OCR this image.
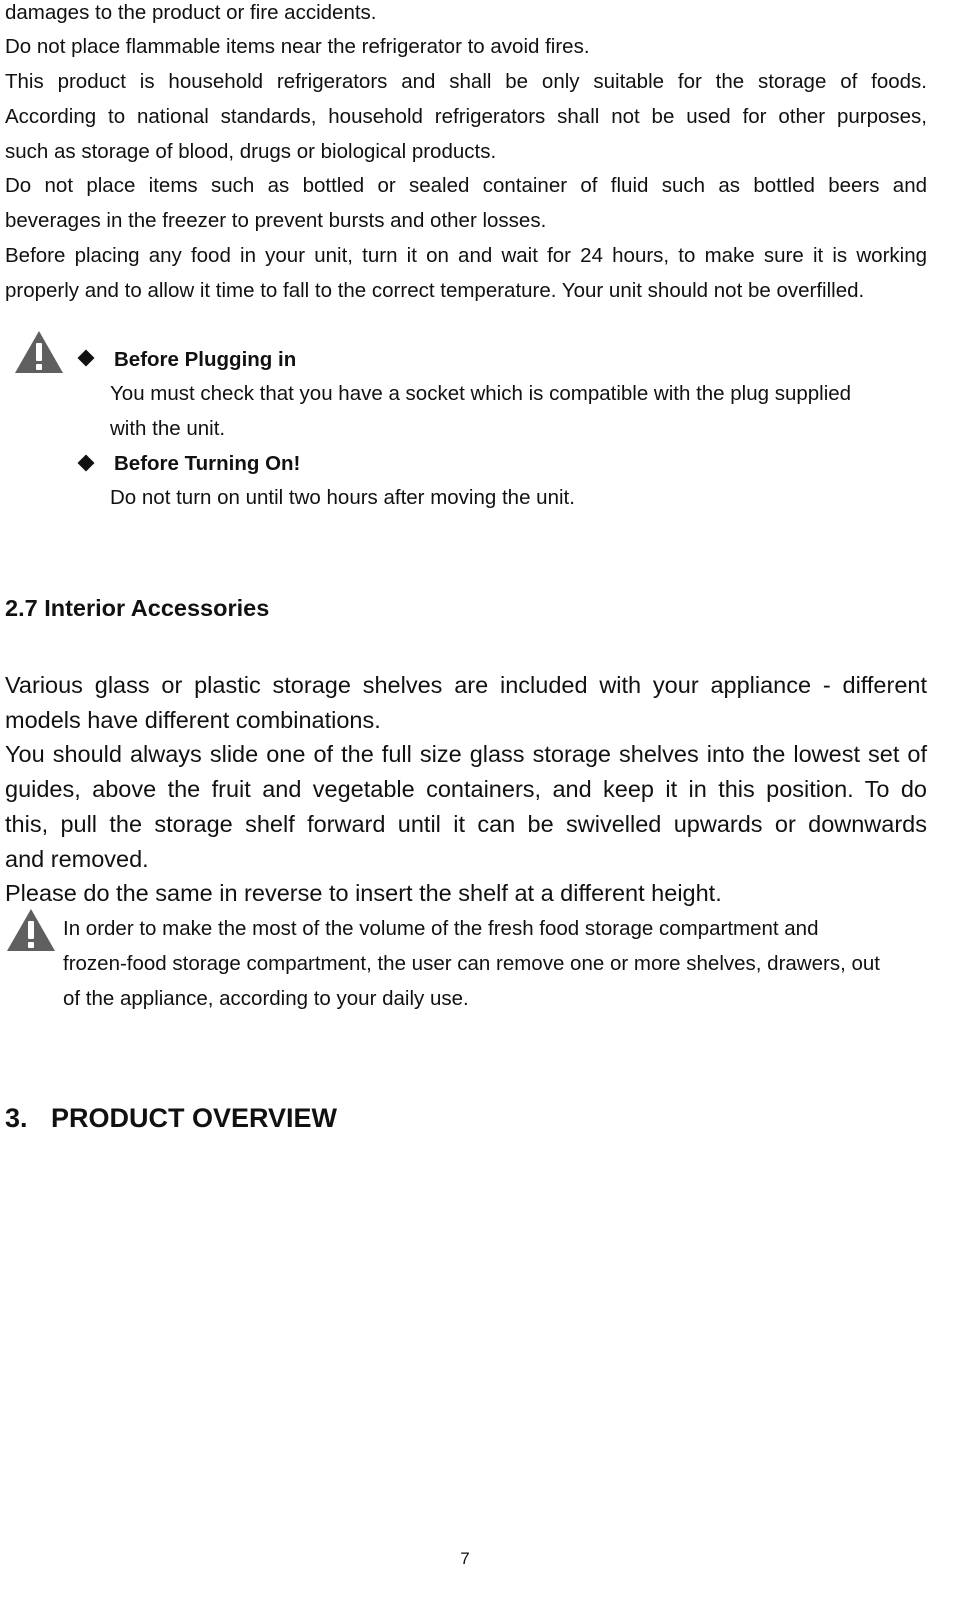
damages to the product or fire accidents.

Do not place flammable items near the refrigerator to avoid fires.

This product is household refrigerators and shall be only suitable for the storage of foods.
According to national standards, household refrigerators shall not be used for other purposes,
such as storage of blood, drugs or biological products.

Do not place items such as bottled or sealed container of fluid such as bottled beers and
beverages in the freezer to prevent bursts and other losses.

Before placing any food in your unit, turn it on and wait for 24 hours, to make sure it is working
properly and to allow it time to fall to the correct temperature. Your unit should not be overfilled.

Before Plugging in

You must check that you have a socket which is compatible with the plug supplied
with the unit.

Before Turning On!

Do not turn on until two hours after moving the unit.

2.7 Interior Accessories

Various glass or plastic storage shelves are included with your appliance - different
models have different combinations.

You should always slide one of the full size glass storage shelves into the lowest set of
guides, above the fruit and vegetable containers, and keep it in this position. To do
this, pull the storage shelf forward until it can be swivelled upwards or downwards
and removed.

Please do the same in reverse to insert the shelf at a different height.

In order to make the most of the volume of the fresh food storage compartment and
frozen-food storage compartment, the user can remove one or more shelves, drawers, out
of the appliance, according to your daily use.

3. PRODUCT OVERVIEW

7
